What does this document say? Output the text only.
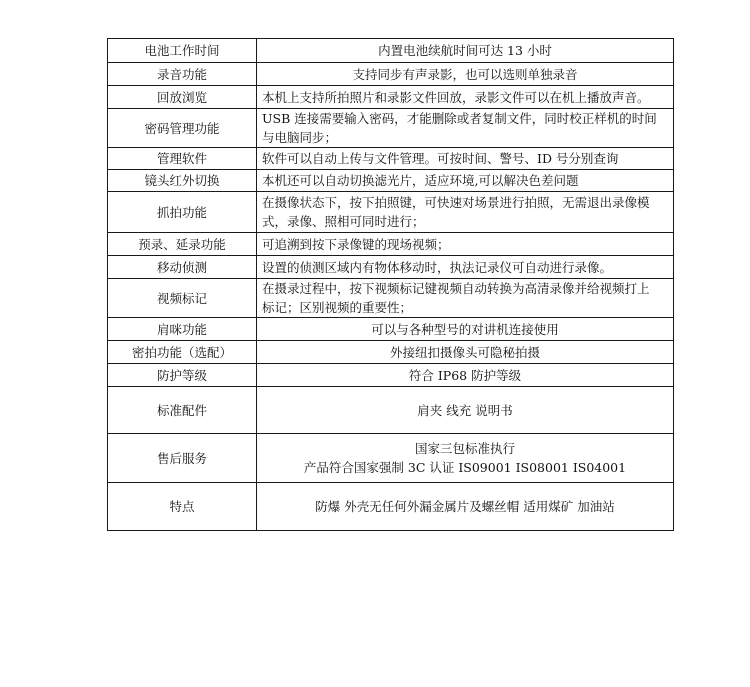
电池工作时间	内置电池续航时间可达 13 小时

录音功能	支持同步有声录影，也可以选则单独录音

回放浏览	本机上支持所拍照片和录影文件回放，录影文件可以在机上播放声音。

密码管理功能	USB 连接需要输入密码，才能删除或者复制文件，同时校正样机的时间
与电脑同步；

管理软件	软件可以自动上传与文件管理。可按时间、警号、ID 号分别查询

镜头红外切换	本机还可以自动切换滤光片，适应环境,可以解决色差问题

抓拍功能	在摄像状态下，按下拍照键，可快速对场景进行拍照，无需退出录像模
式，录像、照相可同时进行；

预录、延录功能	可追溯到按下录像键的现场视频；

移动侦测	设置的侦测区域内有物体移动时，执法记录仪可自动进行录像。

视频标记	在摄录过程中，按下视频标记键视频自动转换为高清录像并给视频打上
标记；区别视频的重要性；

肩咪功能	可以与各种型号的对讲机连接使用

密拍功能（选配）	外接纽扣摄像头可隐秘拍摄

防护等级	符合 IP68 防护等级

标准配件	肩夹 线充 说明书

售后服务	国家三包标准执行
产品符合国家强制 3C 认证 IS09001 IS08001 IS04001

特点	防爆 外壳无任何外漏金属片及螺丝帽 适用煤矿 加油站
